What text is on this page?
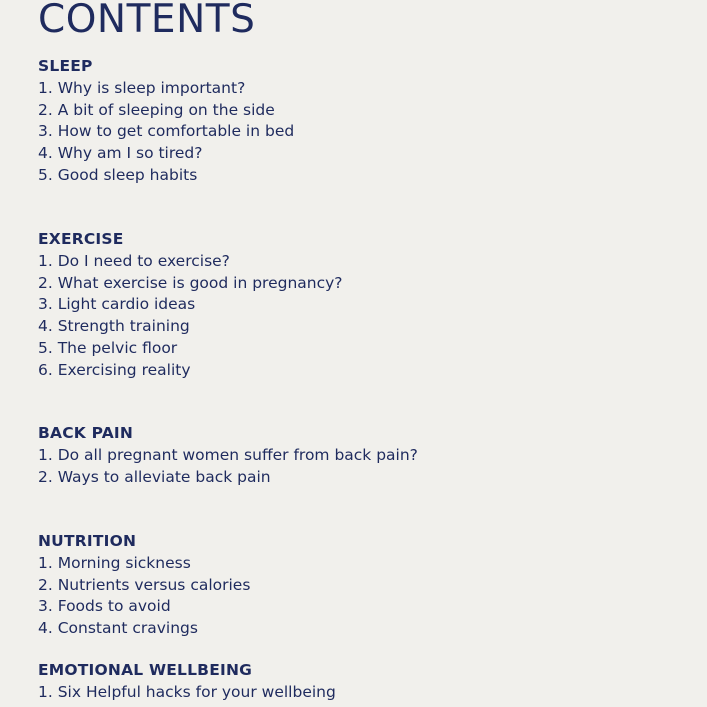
CONTENTS
SLEEP
1. Why is sleep important?
2. A bit of sleeping on the side
3. How to get comfortable in bed
4. Why am I so tired?
5. Good sleep habits
EXERCISE
1. Do I need to exercise?
2. What exercise is good in pregnancy?
3. Light cardio ideas
4. Strength training
5. The pelvic floor
6. Exercising reality
BACK PAIN
1. Do all pregnant women suffer from back pain?
2. Ways to alleviate back pain
NUTRITION
1. Morning sickness
2. Nutrients versus calories
3. Foods to avoid
4. Constant cravings
EMOTIONAL WELLBEING
1. Six Helpful hacks for your wellbeing
